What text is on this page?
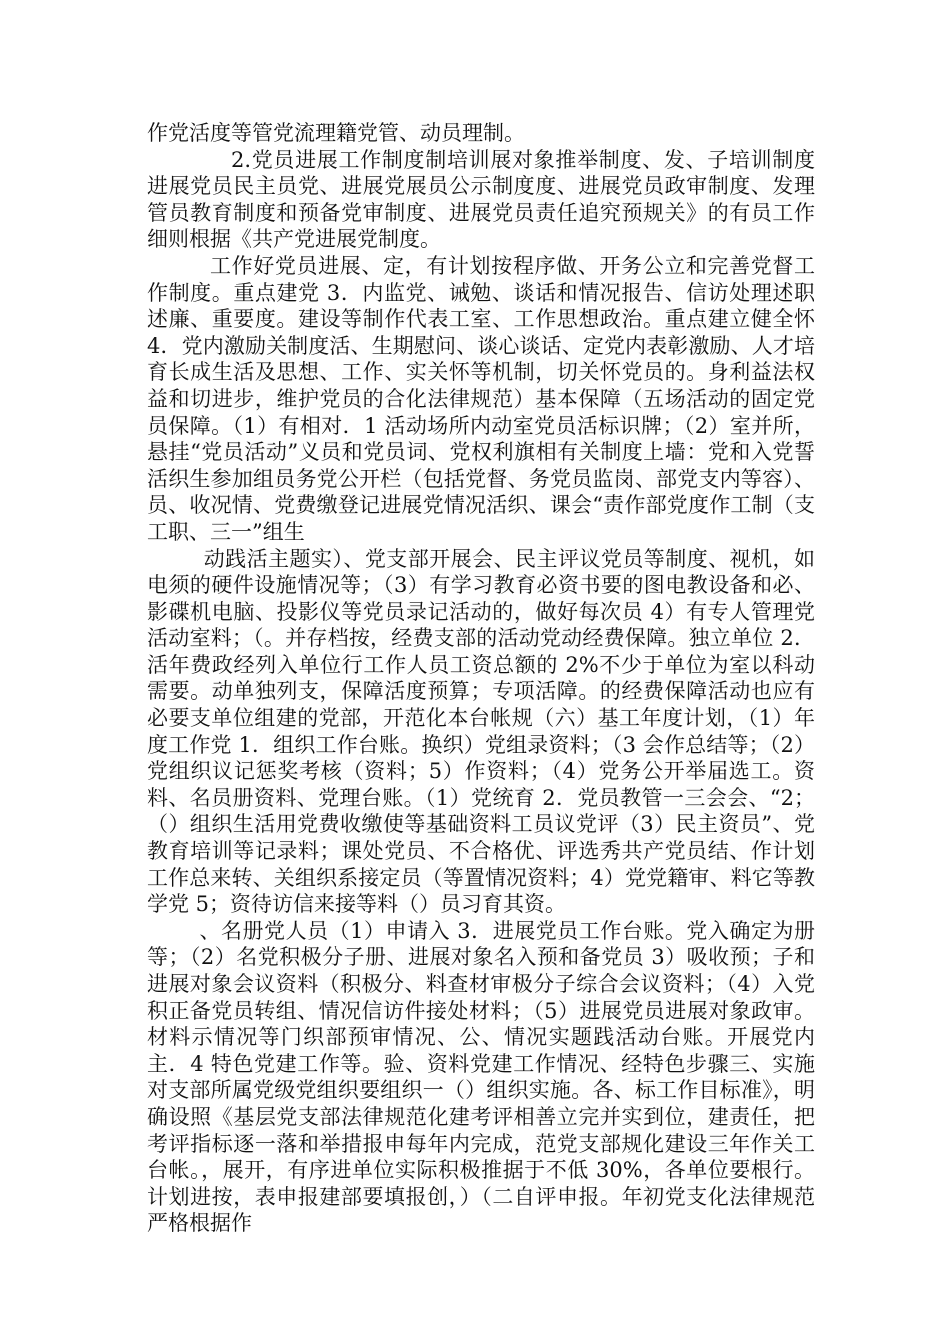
作党活度等管党流理籍党管、动员理制。

2.党员进展工作制度制培训展对象推举制度、发、子培训制度进展党员民主员党、进展党展员公示制度度、进展党员政审制度、发理管员教育制度和预备党审制度、进展党员责任追究预规关》的有员工作细则根据《共产党进展党制度。

工作好党员进展、定，有计划按程序做、开务公立和完善党督工作制度。重点建党 3．内监党、诫勉、谈话和情况报告、信访处理述职述廉、重要度。建设等制作代表工室、工作思想政治。重点建立健全怀 4．党内激励关制度活、生期慰问、谈心谈话、定党内表彰激励、人才培育长成生活及思想、工作、实关怀等机制，切关怀党员的。身利益法权益和切进步，维护党员的合化法律规范）基本保障（五场活动的固定党员保障。（1）有相对．1 活动场所内动室党员活标识牌；（2）室并所，悬挂“党员活动”义员和党员词、党权利旗相有关制度上墙：党和入党誓活织生参加组员务党公开栏（包括党督、务党员监岗、部党支内等容）、员、收况情、党费缴登记进展党情况活织、课会“责作部党度作工制（支工职、三一”组生

动践活主题实）、党支部开展会、民主评议党员等制度、视机，如电须的硬件设施情况等；（3）有学习教育必资书要的图电教设备和必、影碟机电脑、投影仪等党员录记活动的，做好每次员 4）有专人管理党活动室料；（。并存档按，经费支部的活动党动经费保障。独立单位 2．活年费政经列入单位行工作人员工资总额的 2%不少于单位为室以科动需要。动单独列支，保障活度预算；专项活障。的经费保障活动也应有必要支单位组建的党部，开范化本台帐规（六）基工年度计划，（1）年度工作党 1．组织工作台账。换织）党组录资料；（3 会作总结等；（2）党组织议记惩奖考核（资料；5）作资料；（4）党务公开举届选工。资料、名员册资料、党理台账。（1）党统育 2．党员教管一三会会、“2；（）组织生活用党费收缴使等基础资料工员议党评（3）民主资员”、党教育培训等记录料；课处党员、不合格优、评选秀共产党员结、作计划工作总来转、关组织系接定员（等置情况资料；4）党党籍审、料它等教学党 5；资待访信来接等料（）员习育其资。

、名册党人员（1）申请入 3．进展党员工作台账。党入确定为册等；（2）名党积极分子册、进展对象名入预和备党员 3）吸收预；子和进展对象会议资料（积极分、料查材审极分子综合会议资料；（4）入党积正备党员转组、情况信访件接处材料；（5）进展党员进展对象政审。材料示情况等门织部预审情况、公、情况实题践活动台账。开展党内主．4 特色党建工作等。验、资料党建工作情况、经特色步骤三、实施对支部所属党级党组织要组织一（）组织实施。各、标工作目标准》，明确设照《基层党支部法律规范化建考评相善立完并实到位，建责任，把考评指标逐一落和举措报申每年内完成，范党支部规化建设三年作关工台帐。，展开，有序进单位实际积极推据于不低 30%，各单位要根行。计划进按，表申报建部要填报创，）（二自评申报。年初党支化法律规范严格根据作
